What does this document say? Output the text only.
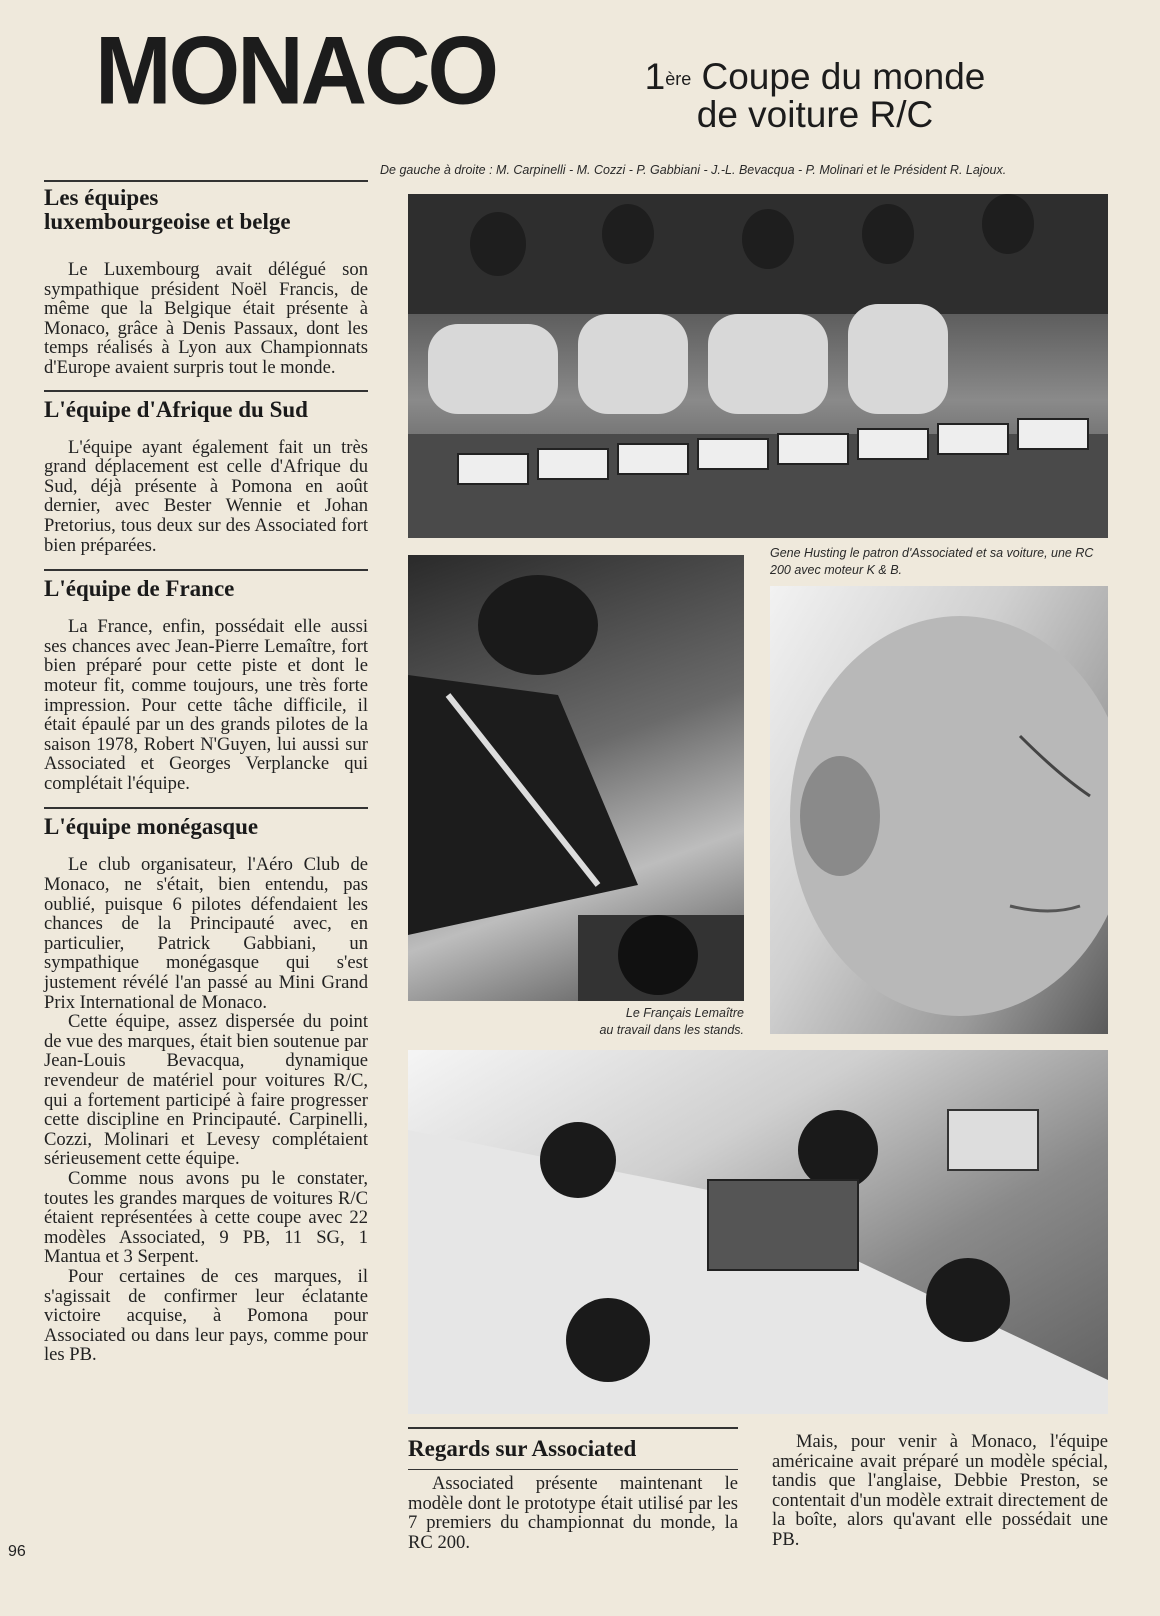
MONACO	1ère Coupe du monde
de voiture R/C
Les équipes
luxembourgeoise et belge

Le Luxembourg avait délégué son sympathique président Noël Francis, de même que la Belgique était présente à Monaco, grâce à Denis Passaux, dont les temps réalisés à Lyon aux Championnats d'Europe avaient surpris tout le monde.

L'équipe d'Afrique du Sud

L'équipe ayant également fait un très grand déplacement est celle d'Afrique du Sud, déjà présente à Pomona en août dernier, avec Bester Wennie et Johan Pretorius, tous deux sur des Associated fort bien préparées.

L'équipe de France

La France, enfin, possédait elle aussi ses chances avec Jean-Pierre Lemaître, fort bien préparé pour cette piste et dont le moteur fit, comme toujours, une très forte impression. Pour cette tâche difficile, il était épaulé par un des grands pilotes de la saison 1978, Robert N'Guyen, lui aussi sur Associated et Georges Verplancke qui complétait l'équipe.

L'équipe monégasque

Le club organisateur, l'Aéro Club de Monaco, ne s'était, bien entendu, pas oublié, puisque 6 pilotes défendaient les chances de la Principauté avec, en particulier, Patrick Gabbiani, un sympathique monégasque qui s'est justement révélé l'an passé au Mini Grand Prix International de Monaco.

Cette équipe, assez dispersée du point de vue des marques, était bien soutenue par Jean-Louis Bevacqua, dynamique revendeur de matériel pour voitures R/C, qui a fortement participé à faire progresser cette discipline en Principauté. Carpinelli, Cozzi, Molinari et Levesy complétaient sérieusement cette équipe.

Comme nous avons pu le constater, toutes les grandes marques de voitures R/C étaient représentées à cette coupe avec 22 modèles Associated, 9 PB, 11 SG, 1 Mantua et 3 Serpent.

Pour certaines de ces marques, il s'agissait de confirmer leur éclatante victoire acquise, à Pomona pour Associated ou dans leur pays, comme pour les PB.

De gauche à droite : M. Carpinelli - M. Cozzi - P. Gabbiani - J.-L. Bevacqua - P. Molinari et le Président R. Lajoux.
Le Français Lemaître
au travail dans les stands.
Gene Husting le patron d'Associated et sa voiture, une RC 200 avec moteur K & B.
Regards sur Associated

Associated présente maintenant le modèle dont le prototype était utilisé par les 7 premiers du championnat du monde, la RC 200.

Mais, pour venir à Monaco, l'équipe américaine avait préparé un modèle spécial, tandis que l'anglaise, Debbie Preston, se contentait d'un modèle extrait directement de la boîte, alors qu'avant elle possédait une PB.

96
